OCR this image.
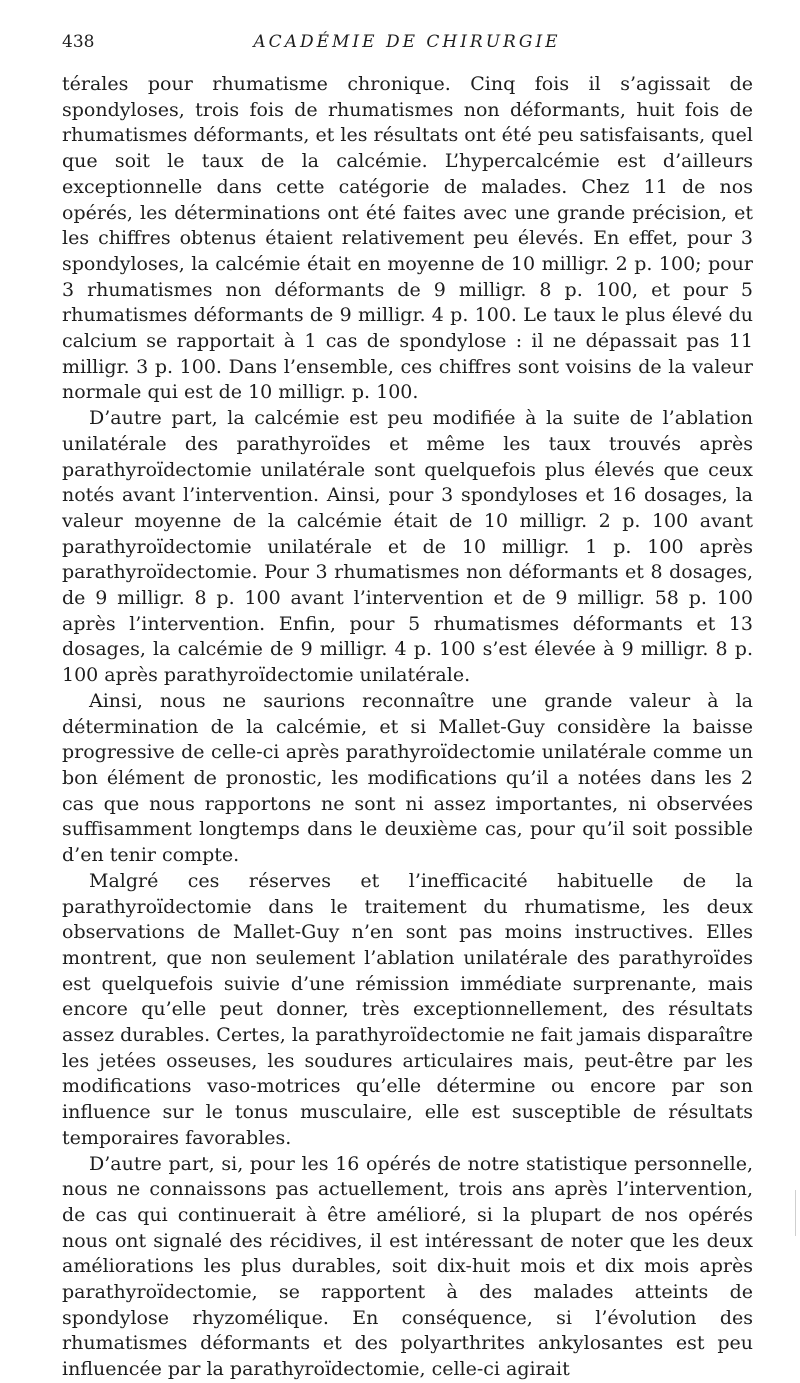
438	ACADÉMIE DE CHIRURGIE

térales pour rhumatisme chronique. Cinq fois il s’agissait de spondyloses, trois fois de rhumatismes non déformants, huit fois de rhumatismes déformants, et les résultats ont été peu satisfaisants, quel que soit le taux de la calcémie. L’hypercalcémie est d’ailleurs exceptionnelle dans cette catégorie de malades. Chez 11 de nos opérés, les déterminations ont été faites avec une grande précision, et les chiffres obtenus étaient relativement peu élevés. En effet, pour 3 spondyloses, la calcémie était en moyenne de 10 milligr. 2 p. 100; pour 3 rhumatismes non déformants de 9 milligr. 8 p. 100, et pour 5 rhumatismes déformants de 9 milligr. 4 p. 100. Le taux le plus élevé du calcium se rapportait à 1 cas de spondylose : il ne dépassait pas 11 milligr. 3 p. 100. Dans l’ensemble, ces chiffres sont voisins de la valeur normale qui est de 10 milligr. p. 100.

D’autre part, la calcémie est peu modifiée à la suite de l’ablation unilatérale des parathyroïdes et même les taux trouvés après parathyroïdectomie unilatérale sont quelquefois plus élevés que ceux notés avant l’intervention. Ainsi, pour 3 spondyloses et 16 dosages, la valeur moyenne de la calcémie était de 10 milligr. 2 p. 100 avant parathyroïdectomie unilatérale et de 10 milligr. 1 p. 100 après parathyroïdectomie. Pour 3 rhumatismes non déformants et 8 dosages, de 9 milligr. 8 p. 100 avant l’intervention et de 9 milligr. 58 p. 100 après l’intervention. Enfin, pour 5 rhumatismes déformants et 13 dosages, la calcémie de 9 milligr. 4 p. 100 s’est élevée à 9 milligr. 8 p. 100 après parathyroïdectomie unilatérale.

Ainsi, nous ne saurions reconnaître une grande valeur à la détermination de la calcémie, et si Mallet-Guy considère la baisse progressive de celle-ci après parathyroïdectomie unilatérale comme un bon élément de pronostic, les modifications qu’il a notées dans les 2 cas que nous rapportons ne sont ni assez importantes, ni observées suffisamment longtemps dans le deuxième cas, pour qu’il soit possible d’en tenir compte.

Malgré ces réserves et l’inefficacité habituelle de la parathyroïdectomie dans le traitement du rhumatisme, les deux observations de Mallet-Guy n’en sont pas moins instructives. Elles montrent, que non seulement l’ablation unilatérale des parathyroïdes est quelquefois suivie d’une rémission immédiate surprenante, mais encore qu’elle peut donner, très exceptionnellement, des résultats assez durables. Certes, la parathyroïdectomie ne fait jamais disparaître les jetées osseuses, les soudures articulaires mais, peut-être par les modifications vaso-motrices qu’elle détermine ou encore par son influence sur le tonus musculaire, elle est susceptible de résultats temporaires favorables.

D’autre part, si, pour les 16 opérés de notre statistique personnelle, nous ne connaissons pas actuellement, trois ans après l’intervention, de cas qui continuerait à être amélioré, si la plupart de nos opérés nous ont signalé des récidives, il est intéressant de noter que les deux améliorations les plus durables, soit dix-huit mois et dix mois après parathyroïdectomie, se rapportent à des malades atteints de spondylose rhyzomélique. En conséquence, si l’évolution des rhumatismes déformants et des polyarthrites ankylosantes est peu influencée par la parathyroïdectomie, celle-ci agirait
